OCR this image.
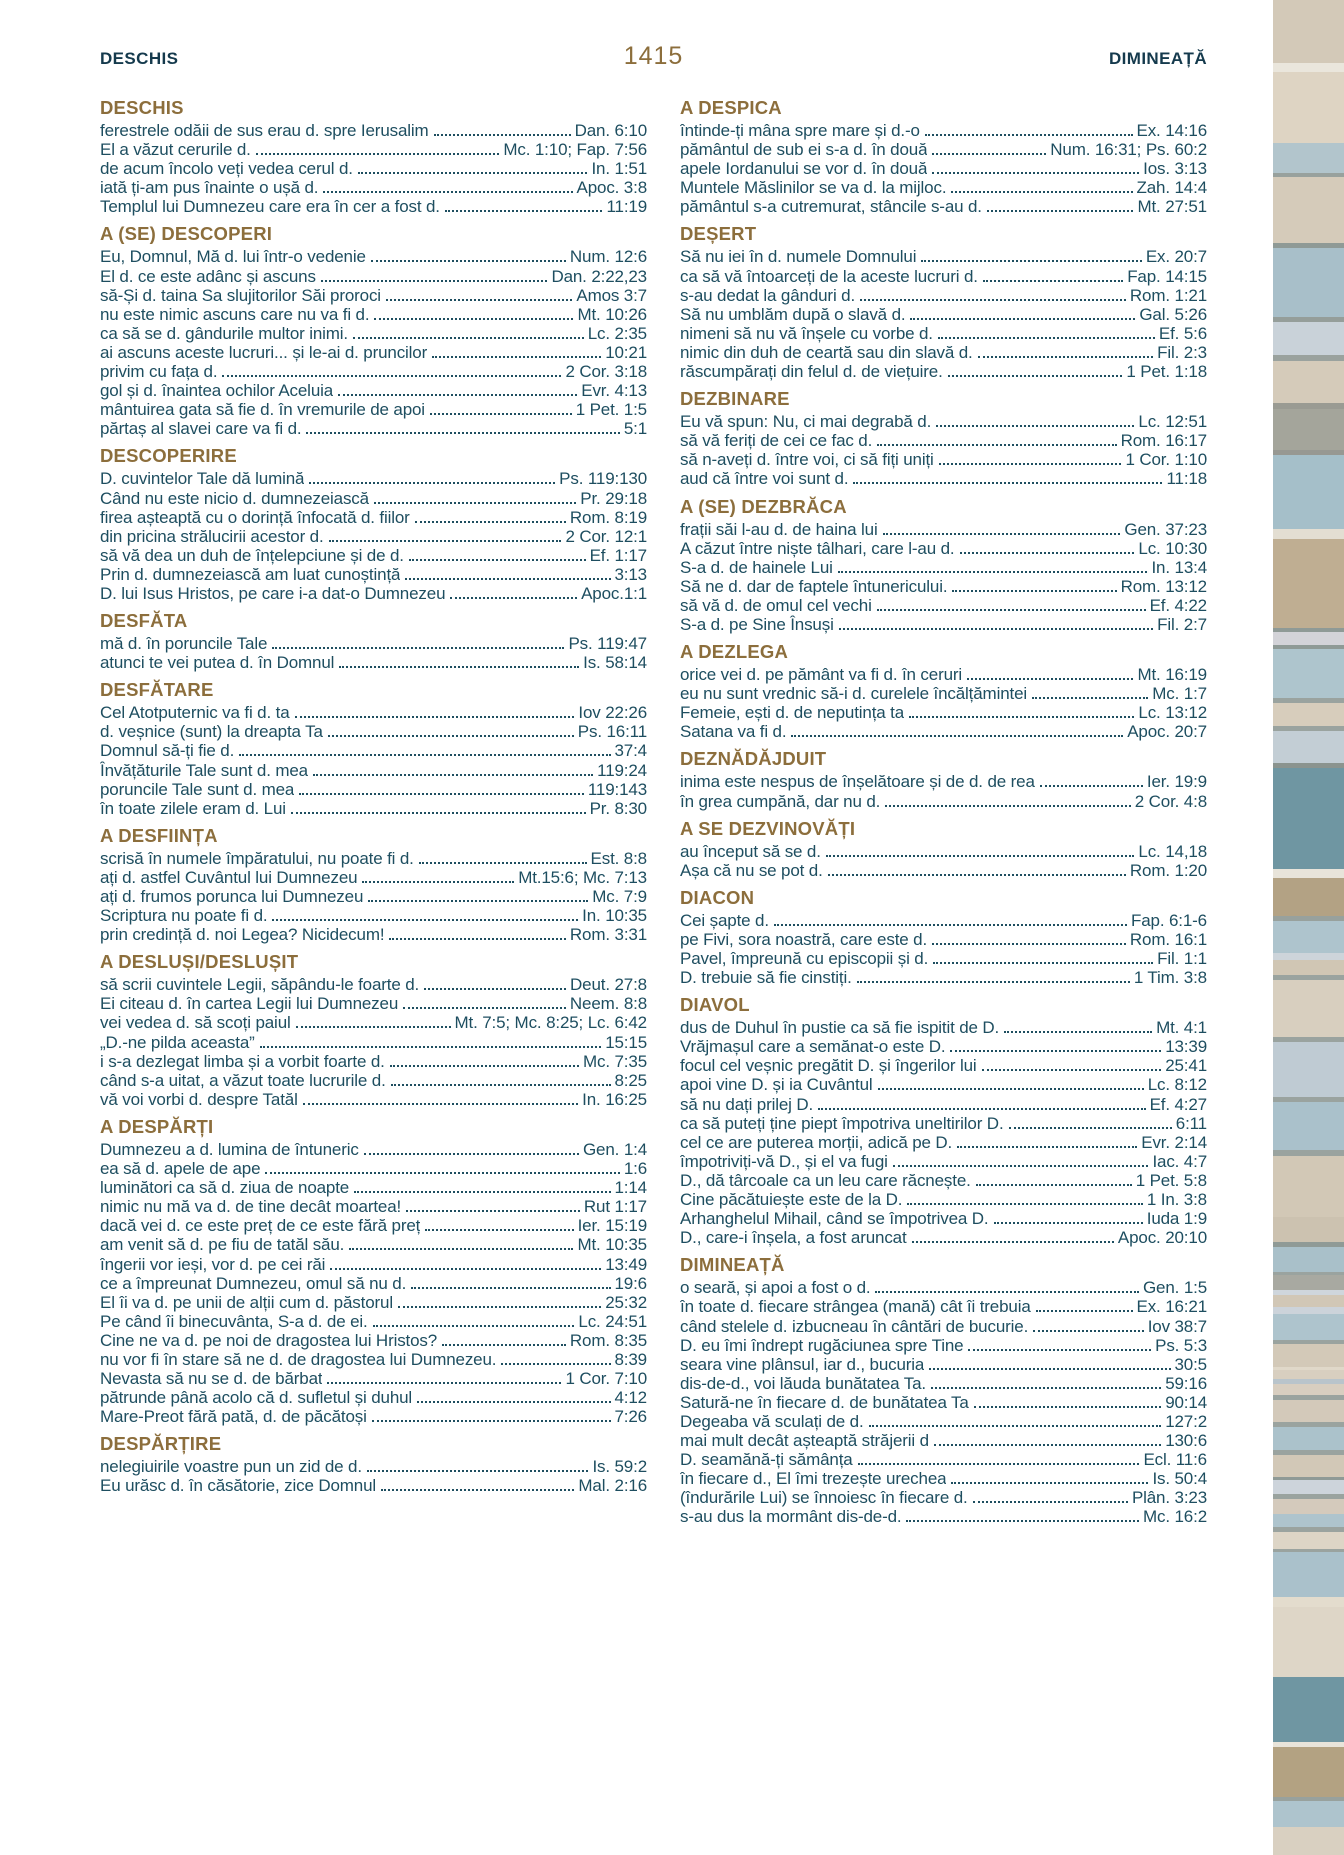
DESCHIS	1415	DIMINEAȚĂ
DESCHIS
ferestrele odăii de sus erau d. spre Ierusalim	Dan. 6:10
El a văzut cerurile d.	Mc. 1:10; Fap. 7:56
de acum încolo veți vedea cerul d.	In. 1:51
iată ți-am pus înainte o ușă d.	Apoc. 3:8
Templul lui Dumnezeu care era în cer a fost d.	11:19
A (SE) DESCOPERI
Eu, Domnul, Mă d. lui într-o vedenie	Num. 12:6
El d. ce este adânc și ascuns	Dan. 2:22,23
să-Și d. taina Sa slujitorilor Săi proroci	Amos 3:7
nu este nimic ascuns care nu va fi d.	Mt. 10:26
ca să se d. gândurile multor inimi.	Lc. 2:35
ai ascuns aceste lucruri... și le-ai d. pruncilor	10:21
privim cu fața d.	2 Cor. 3:18
gol și d. înaintea ochilor Aceluia	Evr. 4:13
mântuirea gata să fie d. în vremurile de apoi	1 Pet. 1:5
părtaș al slavei care va fi d.	5:1
DESCOPERIRE
D. cuvintelor Tale dă lumină	Ps. 119:130
Când nu este nicio d. dumnezeiască	Pr. 29:18
firea așteaptă cu o dorință înfocată d. fiilor	Rom. 8:19
din pricina strălucirii acestor d.	2 Cor. 12:1
să vă dea un duh de înțelepciune și de d.	Ef. 1:17
Prin d. dumnezeiască am luat cunoștință	3:13
D. lui Isus Hristos, pe care i-a dat-o Dumnezeu	Apoc.1:1
DESFĂTA
mă d. în poruncile Tale	Ps. 119:47
atunci te vei putea d. în Domnul	Is. 58:14
DESFĂTARE
Cel Atotputernic va fi d. ta	Iov 22:26
d. veșnice (sunt) la dreapta Ta	Ps. 16:11
Domnul să-ți fie d.	37:4
Învățăturile Tale sunt d. mea	119:24
poruncile Tale sunt d. mea	119:143
în toate zilele eram d. Lui	Pr. 8:30
A DESFIINȚA
scrisă în numele împăratului, nu poate fi d.	Est. 8:8
ați d. astfel Cuvântul lui Dumnezeu	Mt.15:6; Mc. 7:13
ați d. frumos porunca lui Dumnezeu	Mc. 7:9
Scriptura nu poate fi d.	In. 10:35
prin credință d. noi Legea? Nicidecum!	Rom. 3:31
A DESLUȘI/DESLUȘIT
să scrii cuvintele Legii, săpându-le foarte d.	Deut. 27:8
Ei citeau d. în cartea Legii lui Dumnezeu	Neem. 8:8
vei vedea d. să scoți paiul	Mt. 7:5; Mc. 8:25; Lc. 6:42
„D.-ne pilda aceasta”	15:15
i s-a dezlegat limba și a vorbit foarte d.	Mc. 7:35
când s-a uitat, a văzut toate lucrurile d.	8:25
vă voi vorbi d. despre Tatăl	In. 16:25
A DESPĂRȚI
Dumnezeu a d. lumina de întuneric	Gen. 1:4
ea să d. apele de ape	1:6
luminători ca să d. ziua de noapte	1:14
nimic nu mă va d. de tine decât moartea!	Rut 1:17
dacă vei d. ce este preț de ce este fără preț	Ier. 15:19
am venit să d. pe fiu de tatăl său.	Mt. 10:35
îngerii vor ieși, vor d. pe cei răi	13:49
ce a împreunat Dumnezeu, omul să nu d.	19:6
El îi va d. pe unii de alții cum d. păstorul	25:32
Pe când îi binecuvânta, S-a d. de ei.	Lc. 24:51
Cine ne va d. pe noi de dragostea lui Hristos?	Rom. 8:35
nu vor fi în stare să ne d. de dragostea lui Dumnezeu.	8:39
Nevasta să nu se d. de bărbat	1 Cor. 7:10
pătrunde până acolo că d. sufletul și duhul	4:12
Mare-Preot fără pată, d. de păcătoși	7:26
DESPĂRȚIRE
nelegiuirile voastre pun un zid de d.	Is. 59:2
Eu urăsc d. în căsătorie, zice Domnul	Mal. 2:16
A DESPICA
întinde-ți mâna spre mare și d.-o	Ex. 14:16
pământul de sub ei s-a d. în două	Num. 16:31; Ps. 60:2
apele Iordanului se vor d. în două	Ios. 3:13
Muntele Măslinilor se va d. la mijloc.	Zah. 14:4
pământul s-a cutremurat, stâncile s-au d.	Mt. 27:51
DEȘERT
Să nu iei în d. numele Domnului	Ex. 20:7
ca să vă întoarceți de la aceste lucruri d.	Fap. 14:15
s-au dedat la gânduri d.	Rom. 1:21
Să nu umblăm după o slavă d.	Gal. 5:26
nimeni să nu vă înșele cu vorbe d.	Ef. 5:6
nimic din duh de ceartă sau din slavă d.	Fil. 2:3
răscumpărați din felul d. de viețuire.	1 Pet. 1:18
DEZBINARE
Eu vă spun: Nu, ci mai degrabă d.	Lc. 12:51
să vă feriți de cei ce fac d.	Rom. 16:17
să n-aveți d. între voi, ci să fiți uniți	1 Cor. 1:10
aud că între voi sunt d.	11:18
A (SE) DEZBRĂCA
frații săi l-au d. de haina lui	Gen. 37:23
A căzut între niște tâlhari, care l-au d.	Lc. 10:30
S-a d. de hainele Lui	In. 13:4
Să ne d. dar de faptele întunericului.	Rom. 13:12
să vă d. de omul cel vechi	Ef. 4:22
S-a d. pe Sine Însuși	Fil. 2:7
A DEZLEGA
orice vei d. pe pământ va fi d. în ceruri	Mt. 16:19
eu nu sunt vrednic să-i d. curelele încălțămintei	Mc. 1:7
Femeie, ești d. de neputința ta	Lc. 13:12
Satana va fi d.	Apoc. 20:7
DEZNĂDĂJDUIT
inima este nespus de înșelătoare și de d. de rea	Ier. 19:9
în grea cumpănă, dar nu d.	2 Cor. 4:8
A SE DEZVINOVĂȚI
au început să se d.	Lc. 14,18
Așa că nu se pot d.	Rom. 1:20
DIACON
Cei șapte d.	Fap. 6:1-6
pe Fivi, sora noastră, care este d.	Rom. 16:1
Pavel, împreună cu episcopii și d.	Fil. 1:1
D. trebuie să fie cinstiți.	1 Tim. 3:8
DIAVOL
dus de Duhul în pustie ca să fie ispitit de D.	Mt. 4:1
Vrăjmașul care a semănat-o este D.	13:39
focul cel veșnic pregătit D. și îngerilor lui	25:41
apoi vine D. și ia Cuvântul	Lc. 8:12
să nu dați prilej D.	Ef. 4:27
ca să puteți ține piept împotriva uneltirilor D.	6:11
cel ce are puterea morții, adică pe D.	Evr. 2:14
împotriviți-vă D., și el va fugi	Iac. 4:7
D., dă târcoale ca un leu care răcnește.	1 Pet. 5:8
Cine păcătuiește este de la D.	1 In. 3:8
Arhanghelul Mihail, când se împotrivea D.	Iuda 1:9
D., care-i înșela, a fost aruncat	Apoc. 20:10
DIMINEAȚĂ
o seară, și apoi a fost o d.	Gen. 1:5
în toate d. fiecare strângea (mană) cât îi trebuia	Ex. 16:21
când stelele d. izbucneau în cântări de bucurie.	Iov 38:7
D. eu îmi îndrept rugăciunea spre Tine	Ps. 5:3
seara vine plânsul, iar d., bucuria	30:5
dis-de-d., voi lăuda bunătatea Ta.	59:16
Satură-ne în fiecare d. de bunătatea Ta	90:14
Degeaba vă sculați de d.	127:2
mai mult decât așteaptă străjerii d	130:6
D. seamănă-ți sămânța	Ecl. 11:6
în fiecare d., El îmi trezește urechea	Is. 50:4
(îndurările Lui) se înnoiesc în fiecare d.	Plân. 3:23
s-au dus la mormânt dis-de-d.	Mc. 16:2
